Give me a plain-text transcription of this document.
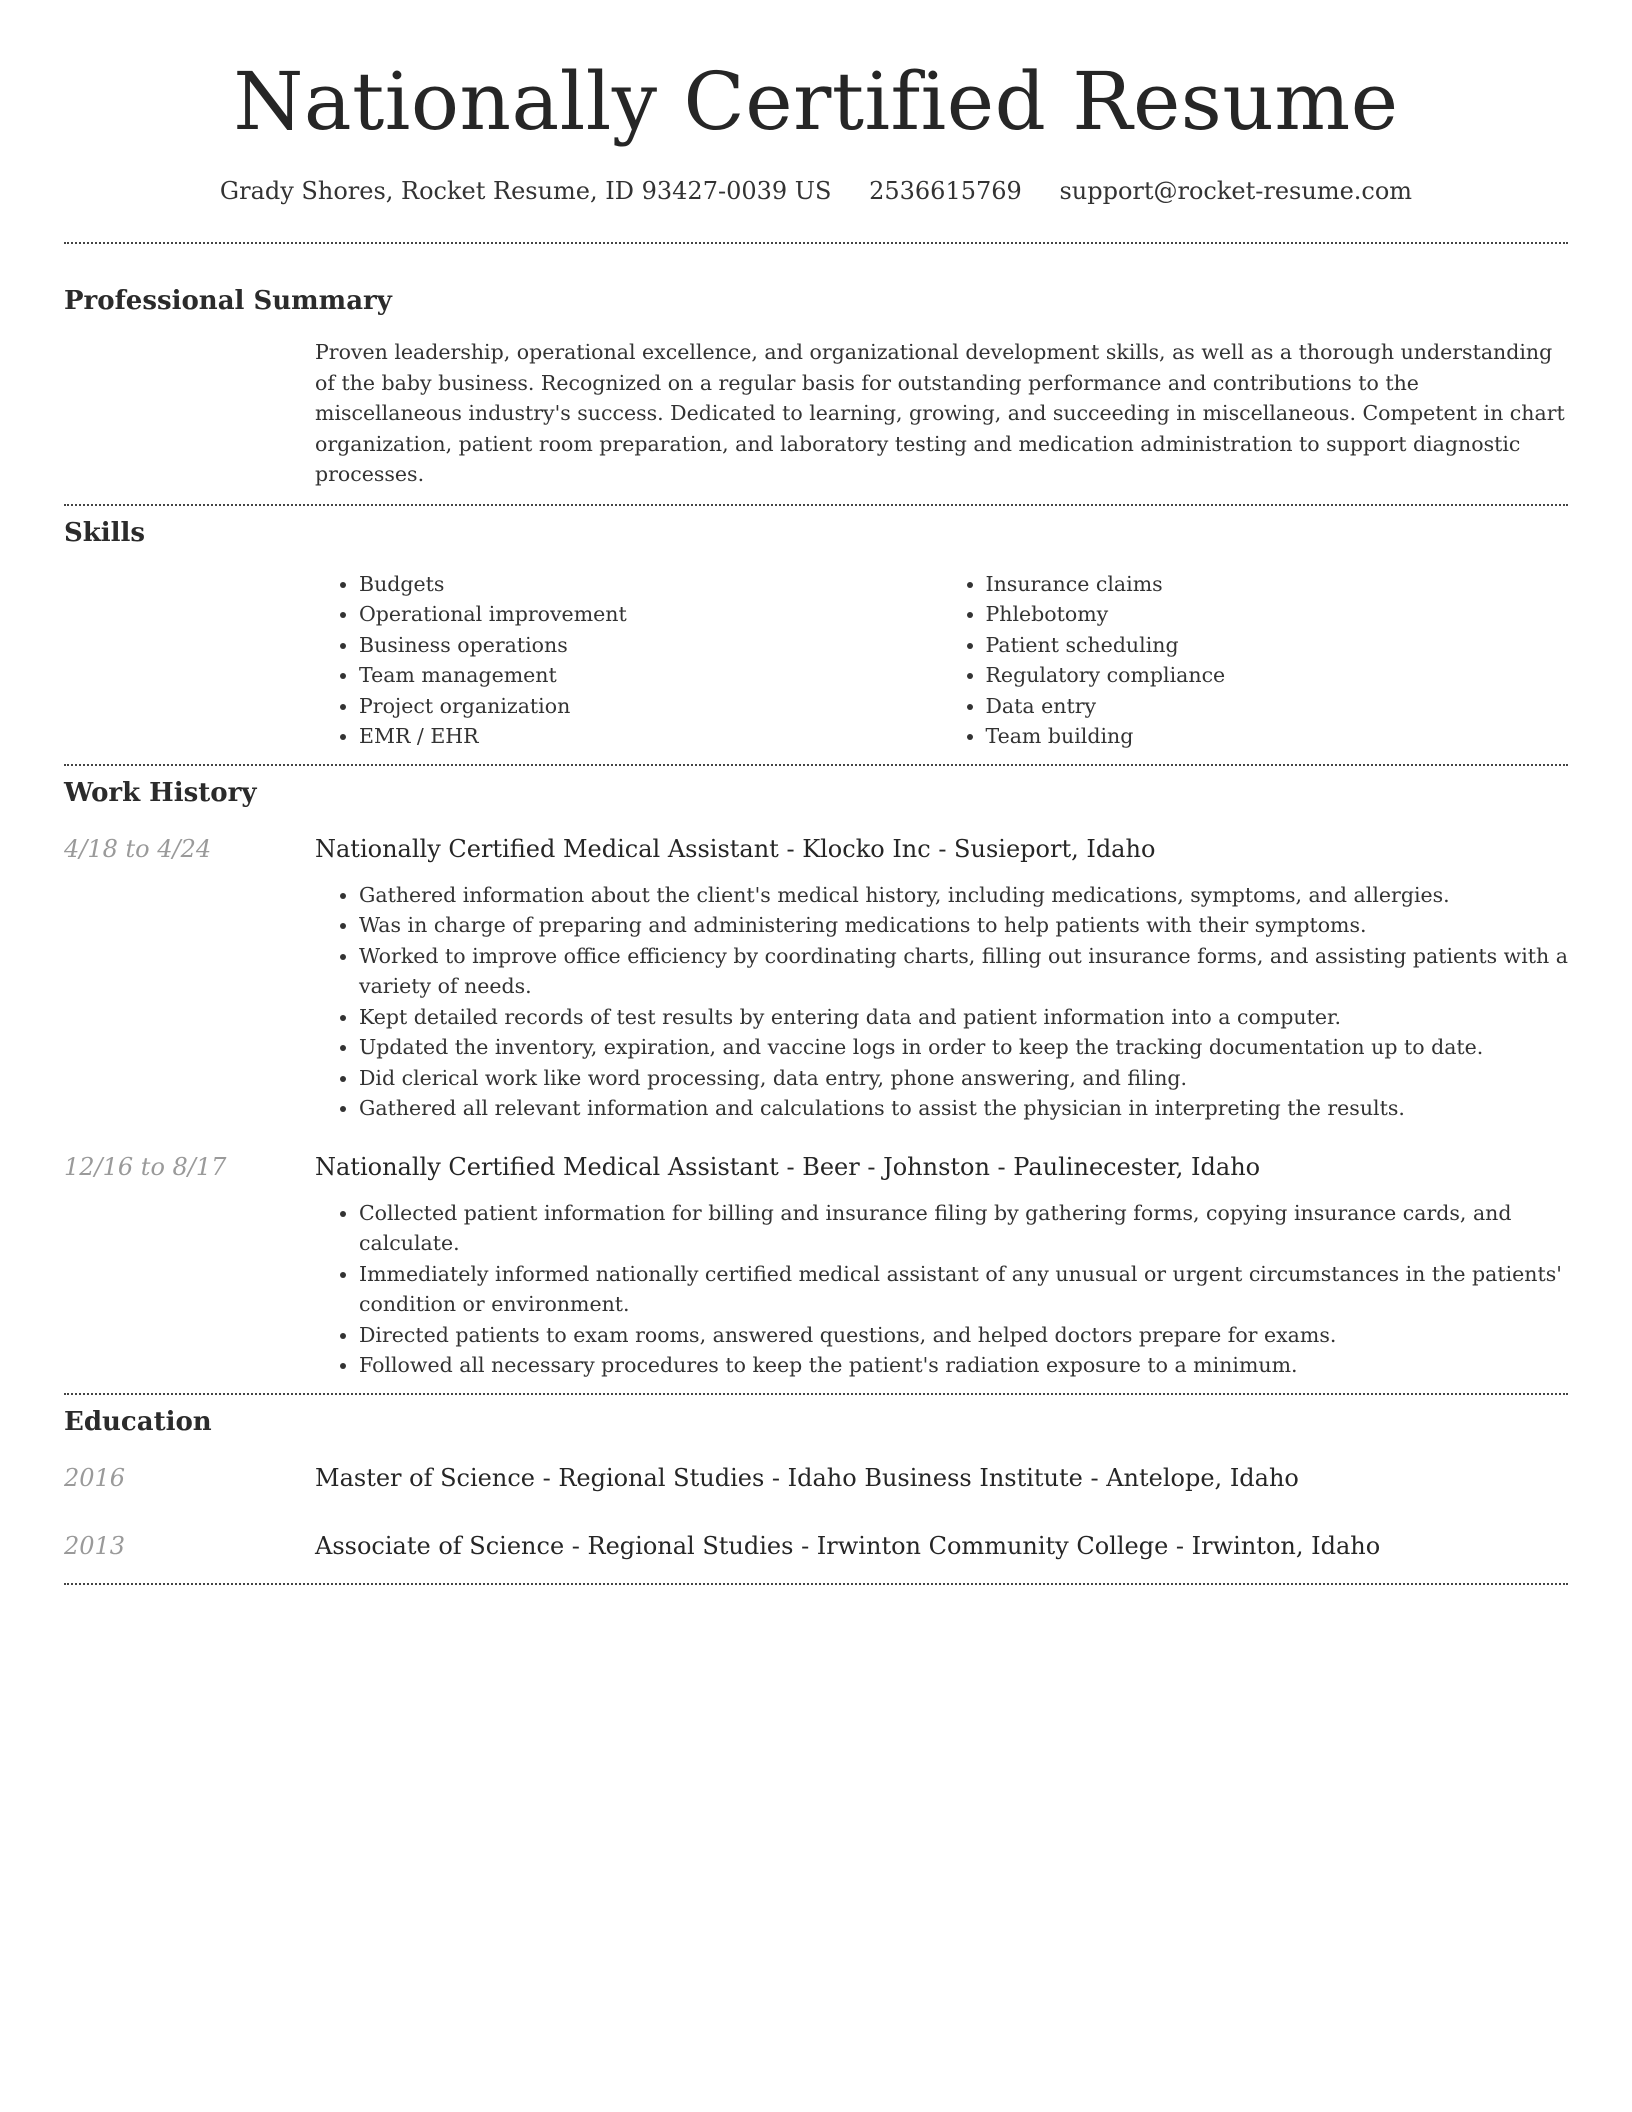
Nationally Certified Resume
Grady Shores, Rocket Resume, ID 93427-0039 US 2536615769 support@rocket-resume.com
Professional Summary

Proven leadership, operational excellence, and organizational development skills, as well as a thorough understanding of the baby business. Recognized on a regular basis for outstanding performance and contributions to the miscellaneous industry's success. Dedicated to learning, growing, and succeeding in miscellaneous. Competent in chart organization, patient room preparation, and laboratory testing and medication administration to support diagnostic processes.

Skills
• Budgets
• Operational improvement
• Business operations
• Team management
• Project organization
• EMR / EHR
• Insurance claims
• Phlebotomy
• Patient scheduling
• Regulatory compliance
• Data entry
• Team building
Work History
4/18 to 4/24	Nationally Certified Medical Assistant - Klocko Inc - Susieport, Idaho
• Gathered information about the client's medical history, including medications, symptoms, and allergies.
• Was in charge of preparing and administering medications to help patients with their symptoms.
• Worked to improve office efficiency by coordinating charts, filling out insurance forms, and assisting patients with a variety of needs.
• Kept detailed records of test results by entering data and patient information into a computer.
• Updated the inventory, expiration, and vaccine logs in order to keep the tracking documentation up to date.
• Did clerical work like word processing, data entry, phone answering, and filing.
• Gathered all relevant information and calculations to assist the physician in interpreting the results.
12/16 to 8/17	Nationally Certified Medical Assistant - Beer - Johnston - Paulinecester, Idaho
• Collected patient information for billing and insurance filing by gathering forms, copying insurance cards, and calculate.
• Immediately informed nationally certified medical assistant of any unusual or urgent circumstances in the patients' condition or environment.
• Directed patients to exam rooms, answered questions, and helped doctors prepare for exams.
• Followed all necessary procedures to keep the patient's radiation exposure to a minimum.
Education
2016	Master of Science - Regional Studies - Idaho Business Institute - Antelope, Idaho
2013	Associate of Science - Regional Studies - Irwinton Community College - Irwinton, Idaho
